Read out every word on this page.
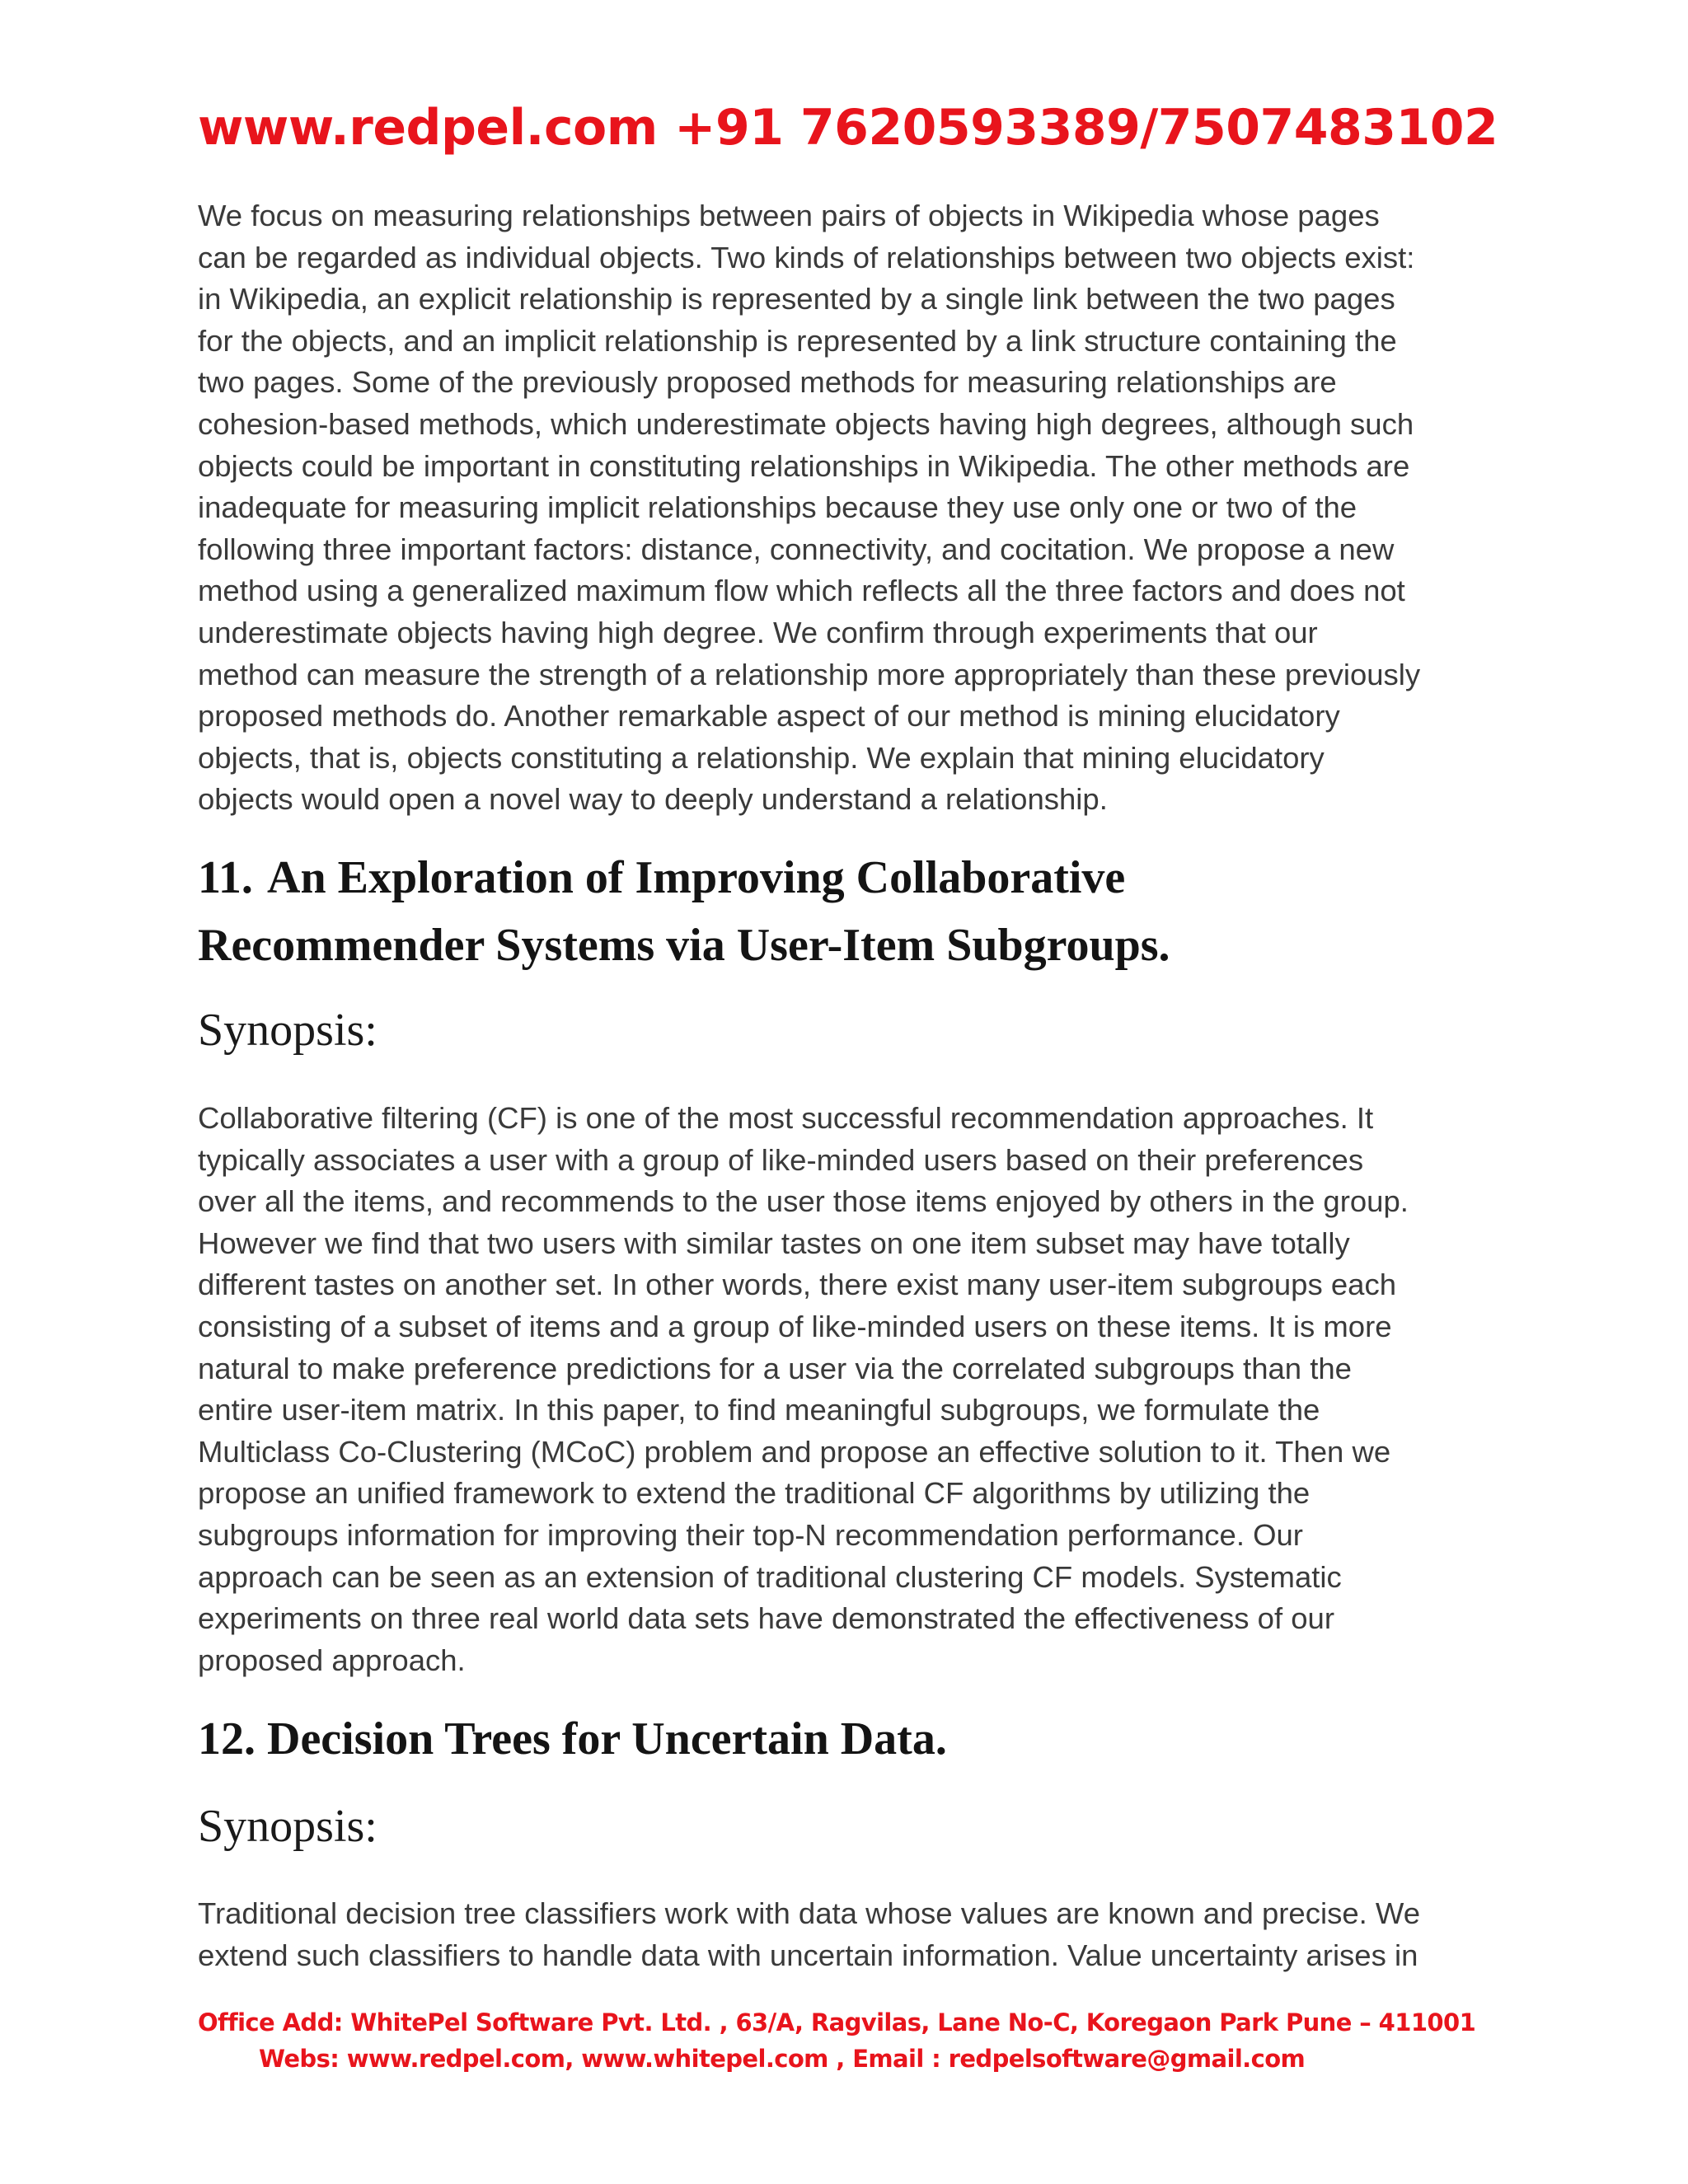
www.redpel.com +91 7620593389/7507483102
We focus on measuring relationships between pairs of objects in Wikipedia whose pages
can be regarded as individual objects. Two kinds of relationships between two objects exist:
in Wikipedia, an explicit relationship is represented by a single link between the two pages
for the objects, and an implicit relationship is represented by a link structure containing the
two pages. Some of the previously proposed methods for measuring relationships are
cohesion-based methods, which underestimate objects having high degrees, although such
objects could be important in constituting relationships in Wikipedia. The other methods are
inadequate for measuring implicit relationships because they use only one or two of the
following three important factors: distance, connectivity, and cocitation. We propose a new
method using a generalized maximum flow which reflects all the three factors and does not
underestimate objects having high degree. We confirm through experiments that our
method can measure the strength of a relationship more appropriately than these previously
proposed methods do. Another remarkable aspect of our method is mining elucidatory
objects, that is, objects constituting a relationship. We explain that mining elucidatory
objects would open a novel way to deeply understand a relationship.
11. An Exploration of Improving Collaborative
Recommender Systems via User-Item Subgroups.
Synopsis:
Collaborative filtering (CF) is one of the most successful recommendation approaches. It
typically associates a user with a group of like-minded users based on their preferences
over all the items, and recommends to the user those items enjoyed by others in the group.
However we find that two users with similar tastes on one item subset may have totally
different tastes on another set. In other words, there exist many user-item subgroups each
consisting of a subset of items and a group of like-minded users on these items. It is more
natural to make preference predictions for a user via the correlated subgroups than the
entire user-item matrix. In this paper, to find meaningful subgroups, we formulate the
Multiclass Co-Clustering (MCoC) problem and propose an effective solution to it. Then we
propose an unified framework to extend the traditional CF algorithms by utilizing the
subgroups information for improving their top-N recommendation performance. Our
approach can be seen as an extension of traditional clustering CF models. Systematic
experiments on three real world data sets have demonstrated the effectiveness of our
proposed approach.
12. Decision Trees for Uncertain Data.
Synopsis:
Traditional decision tree classifiers work with data whose values are known and precise. We
extend such classifiers to handle data with uncertain information. Value uncertainty arises in
Office Add: WhitePel Software Pvt. Ltd. , 63/A, Ragvilas, Lane No-C, Koregaon Park Pune – 411001
Webs: www.redpel.com, www.whitepel.com , Email : redpelsoftware@gmail.com
